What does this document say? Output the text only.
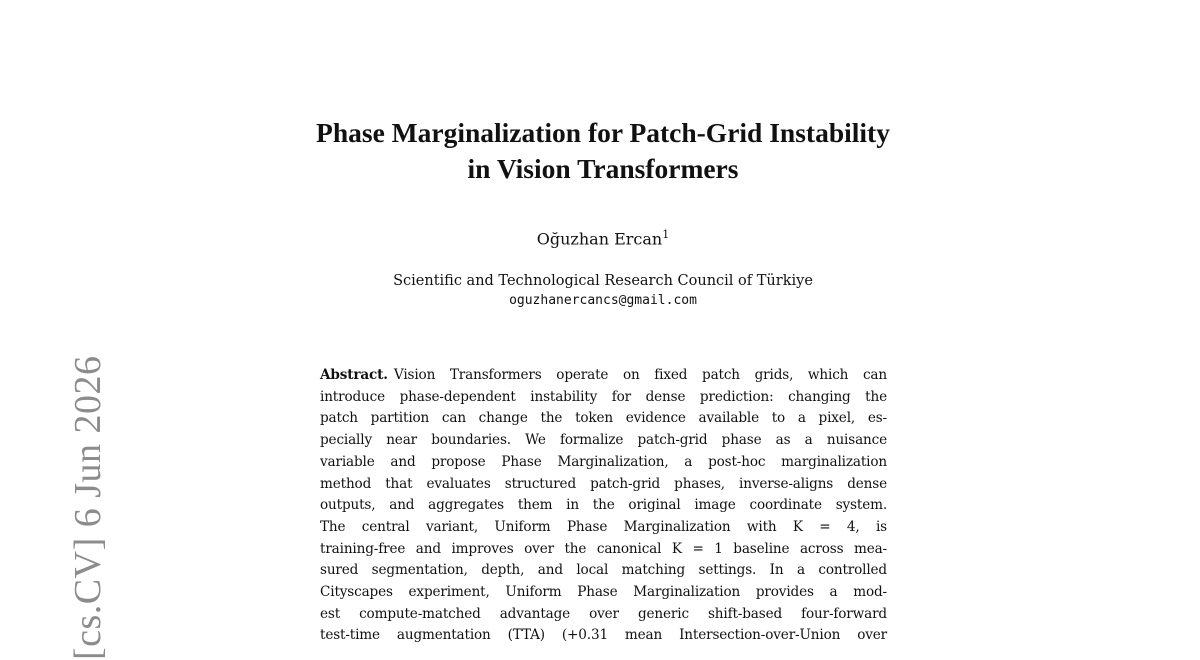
[cs.CV] 6 Jun 2026
Phase Marginalization for Patch-Grid Instability
in Vision Transformers
Oğuzhan Ercan$^1$
Scientific and Technological Research Council of Türkiye
oguzhanercancs@gmail.com
Abstract. Vision Transformers operate on fixed patch grids, which can
introduce phase-dependent instability for dense prediction: changing the
patch partition can change the token evidence available to a pixel, es-
pecially near boundaries. We formalize patch-grid phase as a nuisance
variable and propose Phase Marginalization, a post-hoc marginalization
method that evaluates structured patch-grid phases, inverse-aligns dense
outputs, and aggregates them in the original image coordinate system.
The central variant, Uniform Phase Marginalization with K = 4, is
training-free and improves over the canonical K = 1 baseline across mea-
sured segmentation, depth, and local matching settings. In a controlled
Cityscapes experiment, Uniform Phase Marginalization provides a mod-
est compute-matched advantage over generic shift-based four-forward
test-time augmentation (TTA) (+0.31 mean Intersection-over-Union over
